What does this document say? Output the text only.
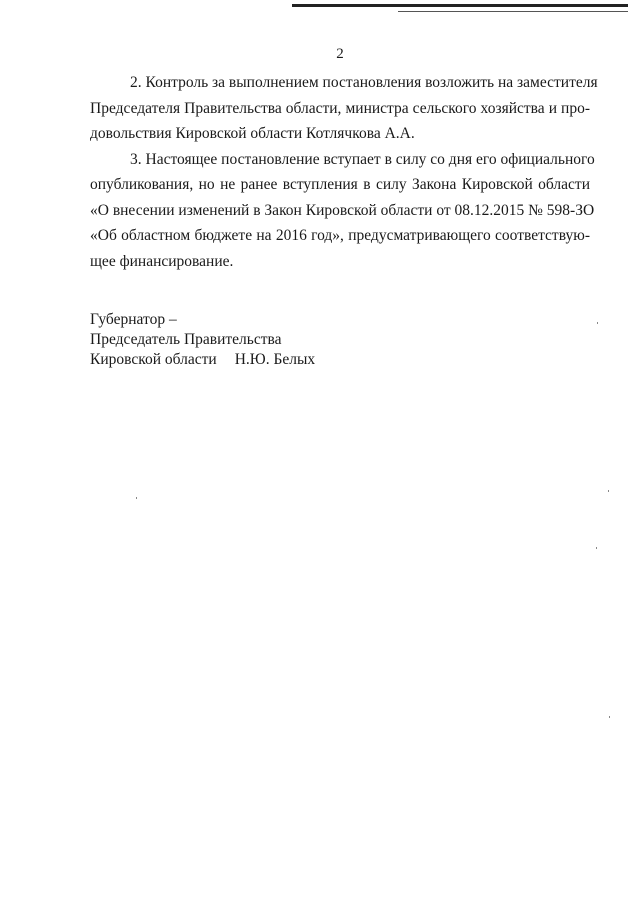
2
2. Контроль за выполнением постановления возложить на заместителя
Председателя Правительства области, министра сельского хозяйства и про-
довольствия Кировской области Котлячкова А.А.
3. Настоящее постановление вступает в силу со дня его официального
опубликования, но не ранее вступления в силу Закона Кировской области
«О внесении изменений в Закон Кировской области от 08.12.2015 № 598-ЗО
«Об областном бюджете на 2016 год», предусматривающего соответствую-
щее финансирование.
Губернатор –
Председатель Правительства
Кировской области Н.Ю. Белых
